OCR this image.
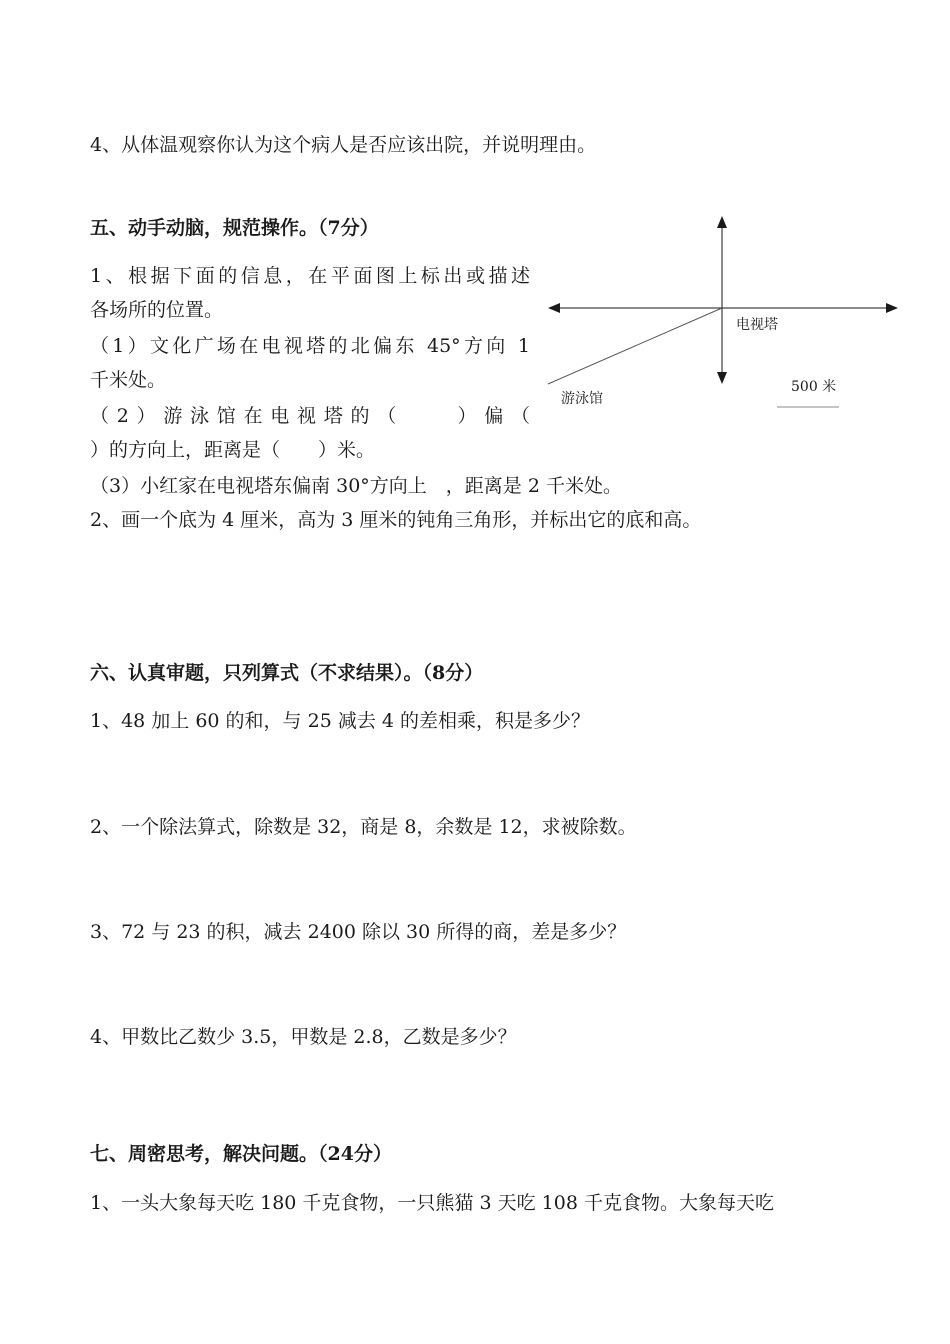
4、从体温观察你认为这个病人是否应该出院，并说明理由。
五、动手动脑，规范操作。（7分）
1、根据下面的信息，在平面图上标出或描述
各场所的位置。
（1）文化广场在电视塔的北偏东 45°方向 1
千米处。
（2）游泳馆在电视塔的（　　）偏（
）的方向上，距离是（　　）米。
（3）小红家在电视塔东偏南 30°方向上　，距离是 2 千米处。
2、画一个底为 4 厘米，高为 3 厘米的钝角三角形，并标出它的底和高。
电视塔
游泳馆
500 米
六、认真审题，只列算式（不求结果）。（8分）
1、48 加上 60 的和，与 25 减去 4 的差相乘，积是多少？
2、一个除法算式，除数是 32，商是 8，余数是 12，求被除数。
3、72 与 23 的积，减去 2400 除以 30 所得的商，差是多少？
4、甲数比乙数少 3.5，甲数是 2.8，乙数是多少？
七、周密思考，解决问题。（24分）
1、一头大象每天吃 180 千克食物，一只熊猫 3 天吃 108 千克食物。大象每天吃
